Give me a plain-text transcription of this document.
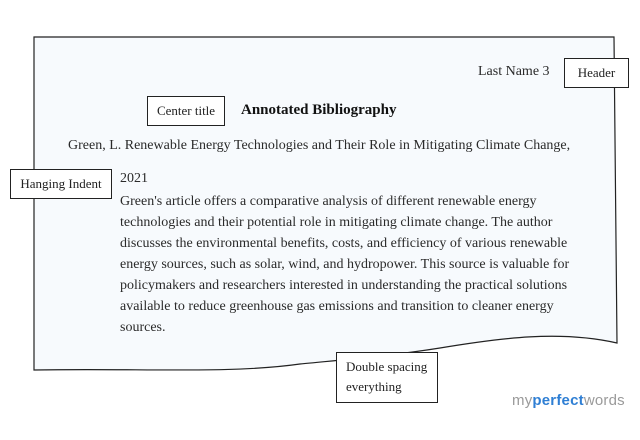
Last Name 3
Annotated Bibliography
Green, L. Renewable Energy Technologies and Their Role in Mitigating Climate Change,
2021

Green's article offers a comparative analysis of different renewable energy technologies and their potential role in mitigating climate change. The author discusses the environmental benefits, costs, and efficiency of various renewable energy sources, such as solar, wind, and hydropower. This source is valuable for policymakers and researchers interested in understanding the practical solutions available to reduce greenhouse gas emissions and transition to cleaner energy sources.

Header
Center title
Hanging Indent
Double spacing everything
myperfectwords
